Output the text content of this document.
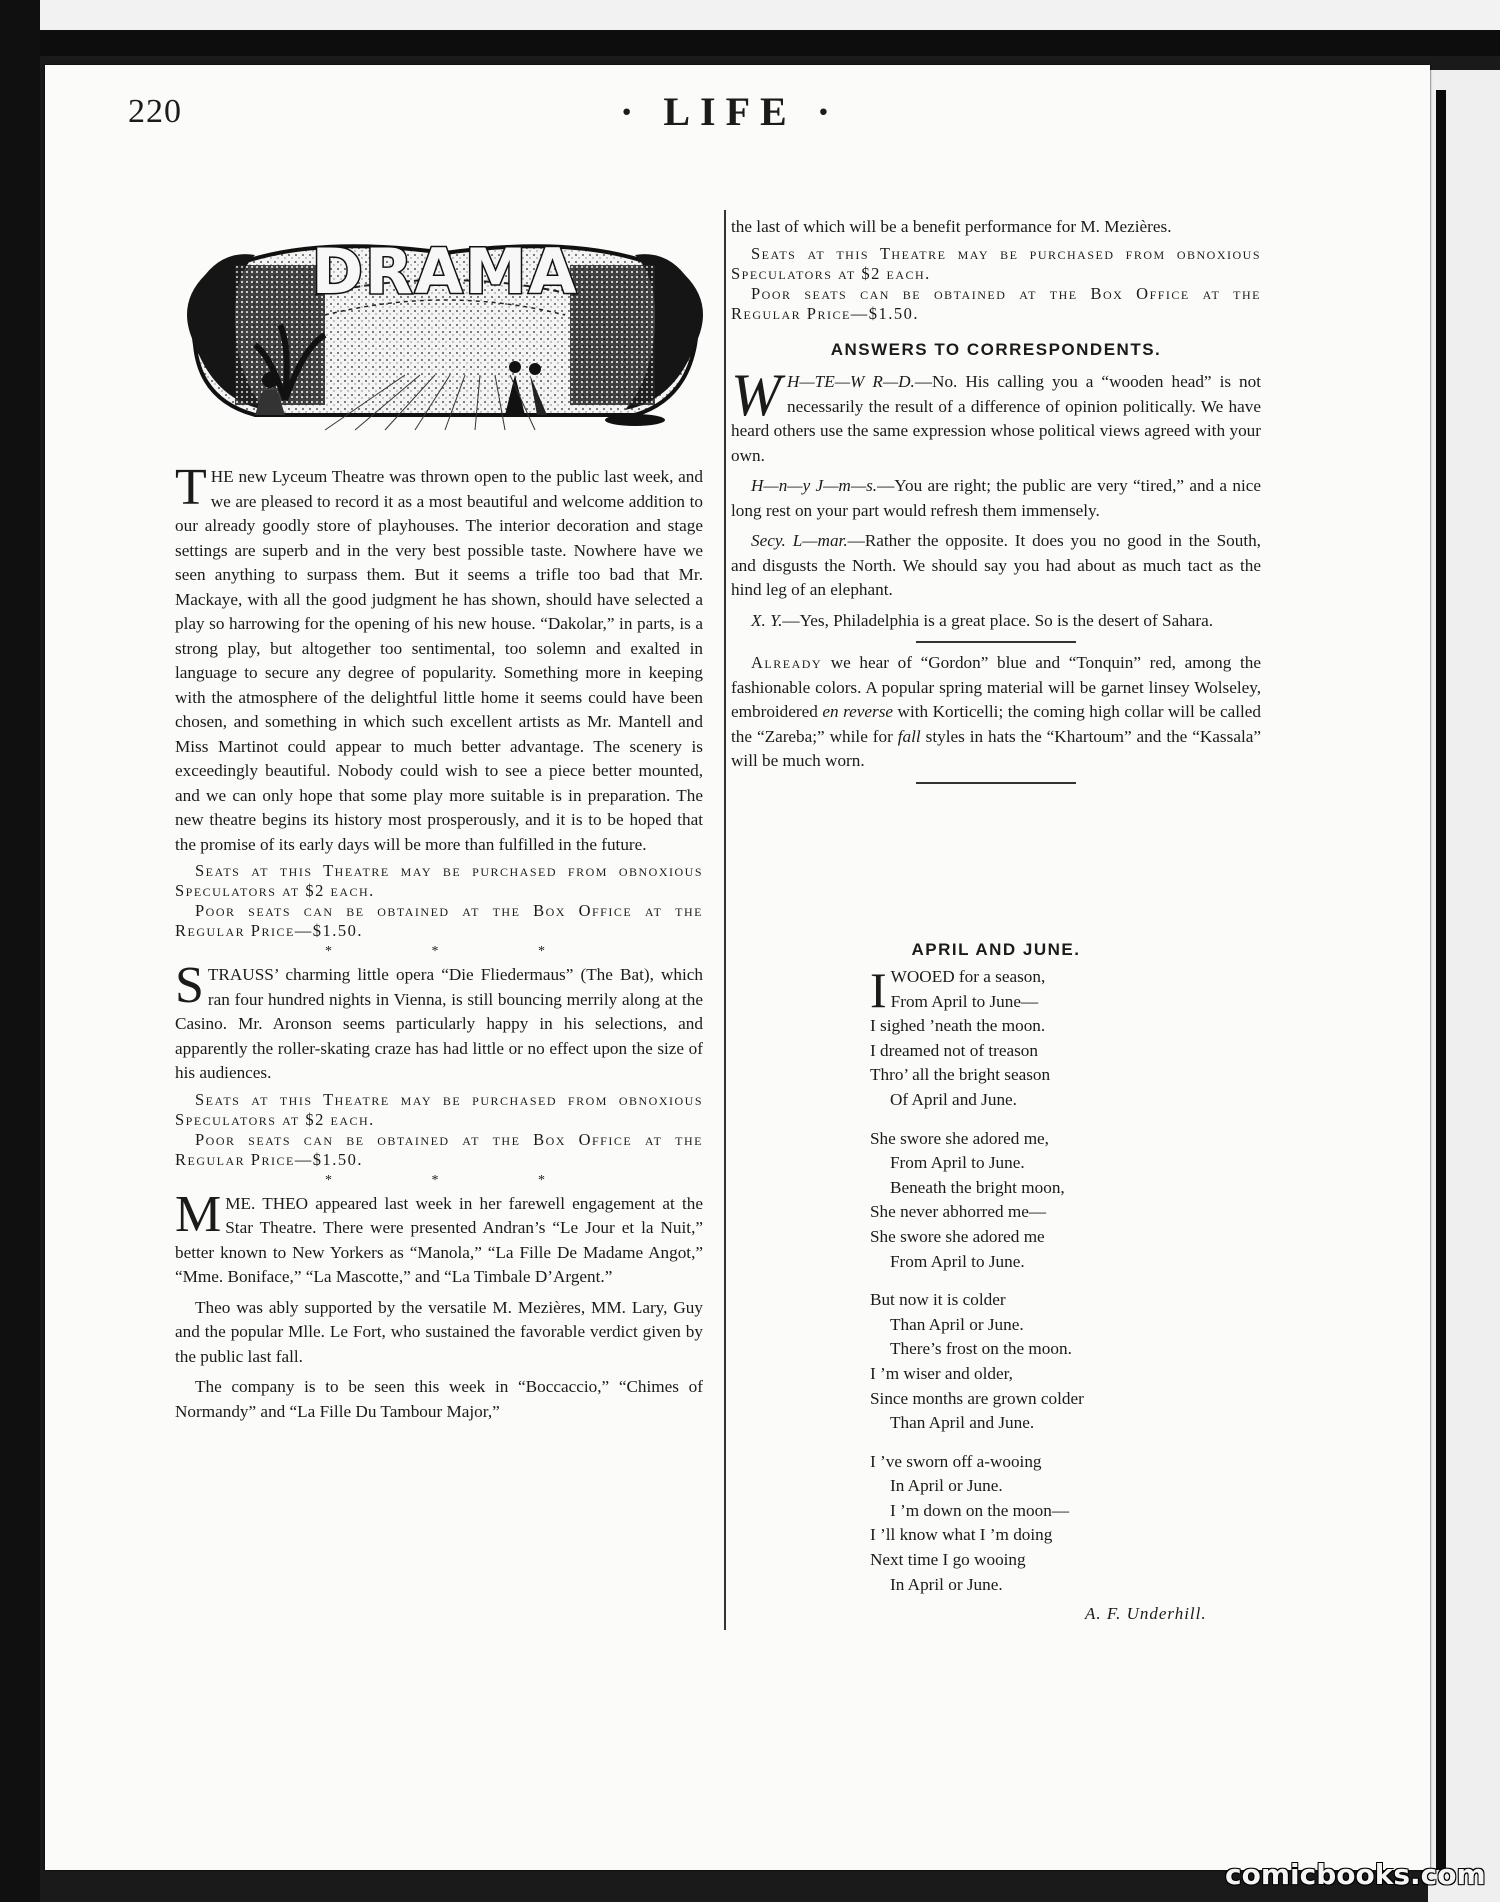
220	· LIFE ·
DRAMA

THE new Lyceum Theatre was thrown open to the public last week, and we are pleased to record it as a most beautiful and welcome addition to our already goodly store of playhouses. The interior decoration and stage settings are superb and in the very best possible taste. Nowhere have we seen anything to surpass them. But it seems a trifle too bad that Mr. Mackaye, with all the good judgment he has shown, should have selected a play so harrowing for the opening of his new house. “Dakolar,” in parts, is a strong play, but altogether too sentimental, too solemn and exalted in language to secure any degree of popularity. Something more in keeping with the atmosphere of the delightful little home it seems could have been chosen, and something in which such excellent artists as Mr. Mantell and Miss Martinot could appear to much better advantage. The scenery is exceedingly beautiful. Nobody could wish to see a piece better mounted, and we can only hope that some play more suitable is in preparation. The new theatre begins its history most prosperously, and it is to be hoped that the promise of its early days will be more than fulfilled in the future.

Seats at this Theatre may be purchased from obnoxious Speculators at $2 each.

Poor seats can be obtained at the Box Office at the Regular Price—$1.50.

* * *

STRAUSS’ charming little opera “Die Fliedermaus” (The Bat), which ran four hundred nights in Vienna, is still bouncing merrily along at the Casino. Mr. Aronson seems particularly happy in his selections, and apparently the roller-skating craze has had little or no effect upon the size of his audiences.

Seats at this Theatre may be purchased from obnoxious Speculators at $2 each.

Poor seats can be obtained at the Box Office at the Regular Price—$1.50.

* * *

MME. THEO appeared last week in her farewell engagement at the Star Theatre. There were presented Andran’s “Le Jour et la Nuit,” better known to New Yorkers as “Manola,” “La Fille De Madame Angot,” “Mme. Boniface,” “La Mascotte,” and “La Timbale D’Argent.”

Theo was ably supported by the versatile M. Mezières, MM. Lary, Guy and the popular Mlle. Le Fort, who sustained the favorable verdict given by the public last fall.

The company is to be seen this week in “Boccaccio,” “Chimes of Normandy” and “La Fille Du Tambour Major,”

the last of which will be a benefit performance for M. Mezières.

Seats at this Theatre may be purchased from obnoxious Speculators at $2 each.

Poor seats can be obtained at the Box Office at the Regular Price—$1.50.

ANSWERS TO CORRESPONDENTS.

W H—TE—W R—D.—No. His calling you a “wooden head” is not necessarily the result of a difference of opinion politically. We have heard others use the same expression whose political views agreed with your own.

H—n—y J—m—s.—You are right; the public are very “tired,” and a nice long rest on your part would refresh them immensely.

Secy. L—mar.—Rather the opposite. It does you no good in the South, and disgusts the North. We should say you had about as much tact as the hind leg of an elephant.

X. Y.—Yes, Philadelphia is a great place. So is the desert of Sahara.

Already we hear of “Gordon” blue and “Tonquin” red, among the fashionable colors. A popular spring material will be garnet linsey Wolseley, embroidered en reverse with Korticelli; the coming high collar will be called the “Zareba;” while for fall styles in hats the “Khartoum” and the “Kassala” will be much worn.

APRIL AND JUNE.
I WOOED for a season,
From April to June—
I sighed ’neath the moon.
I dreamed not of treason
Thro’ all the bright season
Of April and June.
She swore she adored me,
From April to June.
Beneath the bright moon,
She never abhorred me—
She swore she adored me
From April to June.
But now it is colder
Than April or June.
There’s frost on the moon.
I ’m wiser and older,
Since months are grown colder
Than April and June.
I ’ve sworn off a-wooing
In April or June.
I ’m down on the moon—
I ’ll know what I ’m doing
Next time I go wooing
In April or June.
A. F. Underhill.
comicbooks.com
